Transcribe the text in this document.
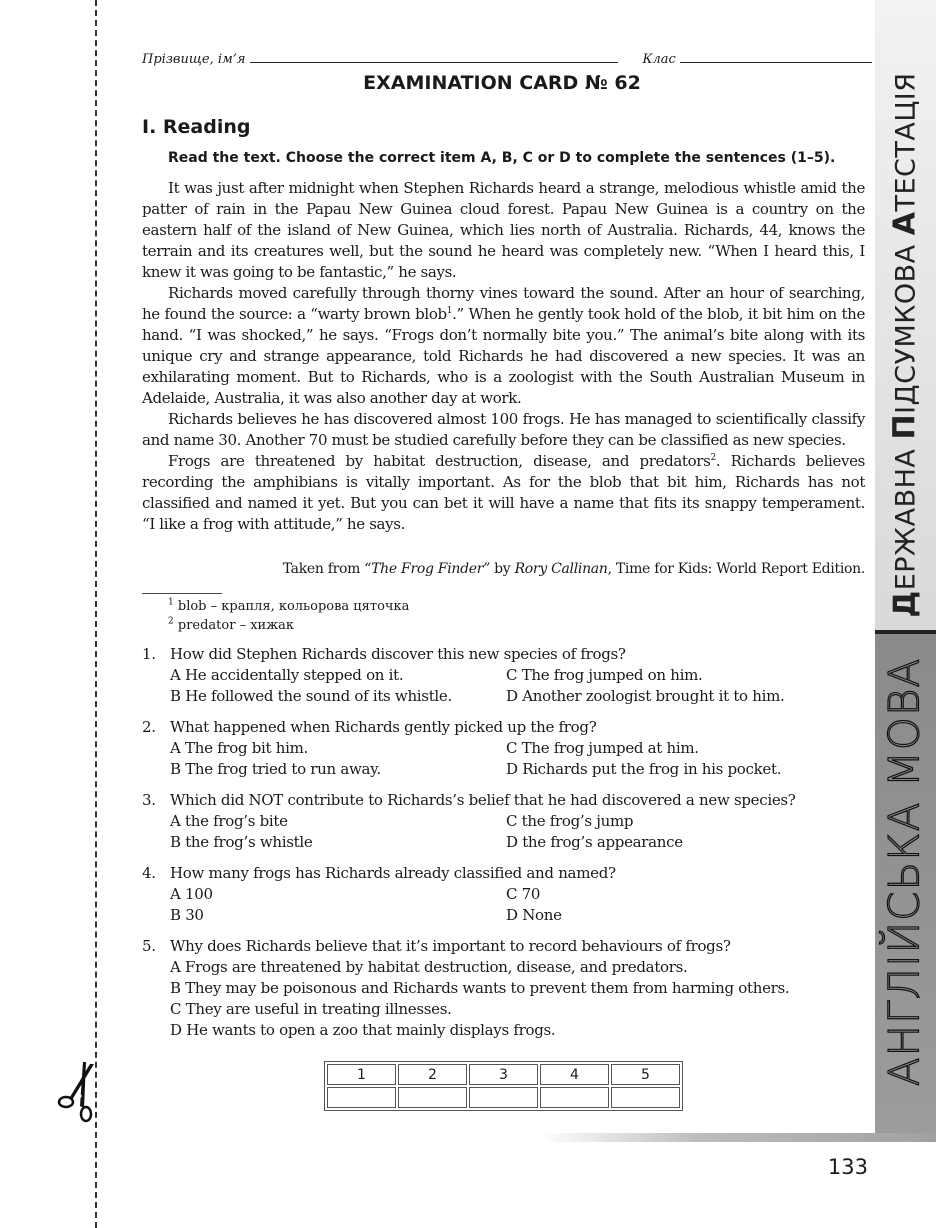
ДЕРЖАВНА ПІДСУМКОВА АТЕСТАЦІЯ
АНГЛІЙСЬКА МОВА
Прізвище, ім’я	Клас
EXAMINATION CARD № 62
I. Reading
Read the text. Choose the correct item A, B, C or D to complete the sentences (1–5).

It was just after midnight when Stephen Richards heard a strange, melodious whistle amid the patter of rain in the Papau New Guinea cloud forest. Papau New Guinea is a country on the eastern half of the island of New Guinea, which lies north of Australia. Richards, 44, knows the terrain and its creatures well, but the sound he heard was completely new. “When I heard this, I knew it was going to be fantastic,” he says.

Richards moved carefully through thorny vines toward the sound. After an hour of searching, he found the source: a “warty brown blob$^1$.” When he gently took hold of the blob, it bit him on the hand. “I was shocked,” he says. “Frogs don’t normally bite you.” The animal’s bite along with its unique cry and strange appearance, told Richards he had discovered a new species. It was an exhilarating moment. But to Richards, who is a zoologist with the South Australian Museum in Adelaide, Australia, it was also another day at work.

Richards believes he has discovered almost 100 frogs. He has managed to scientifically classify and name 30. Another 70 must be studied carefully before they can be classified as new species.

Frogs are threatened by habitat destruction, disease, and predators$^2$. Richards believes recording the amphibians is vitally important. As for the blob that bit him, Richards has not classified and named it yet. But you can bet it will have a name that fits its snappy temperament. “I like a frog with attitude,” he says.

Taken from “The Frog Finder” by Rory Callinan, Time for Kids: World Report Edition.
$^1$ blob – крапля, кольорова цяточка
$^2$ predator – хижак
1. How did Stephen Richards discover this new species of frogs?
A He accidentally stepped on it.	C The frog jumped on him.
B He followed the sound of its whistle.	D Another zoologist brought it to him.
2. What happened when Richards gently picked up the frog?
A The frog bit him.	C The frog jumped at him.
B The frog tried to run away.	D Richards put the frog in his pocket.
3. Which did NOT contribute to Richards’s belief that he had discovered a new species?
A the frog’s bite	C the frog’s jump
B the frog’s whistle	D the frog’s appearance
4. How many frogs has Richards already classified and named?
A 100	C 70
B 30	D None
5. Why does Richards believe that it’s important to record behaviours of frogs?
A Frogs are threatened by habitat destruction, disease, and predators.
B They may be poisonous and Richards wants to prevent them from harming others.
C They are useful in treating illnesses.
D He wants to open a zoo that mainly displays frogs.
1	2	3	4	5

133
